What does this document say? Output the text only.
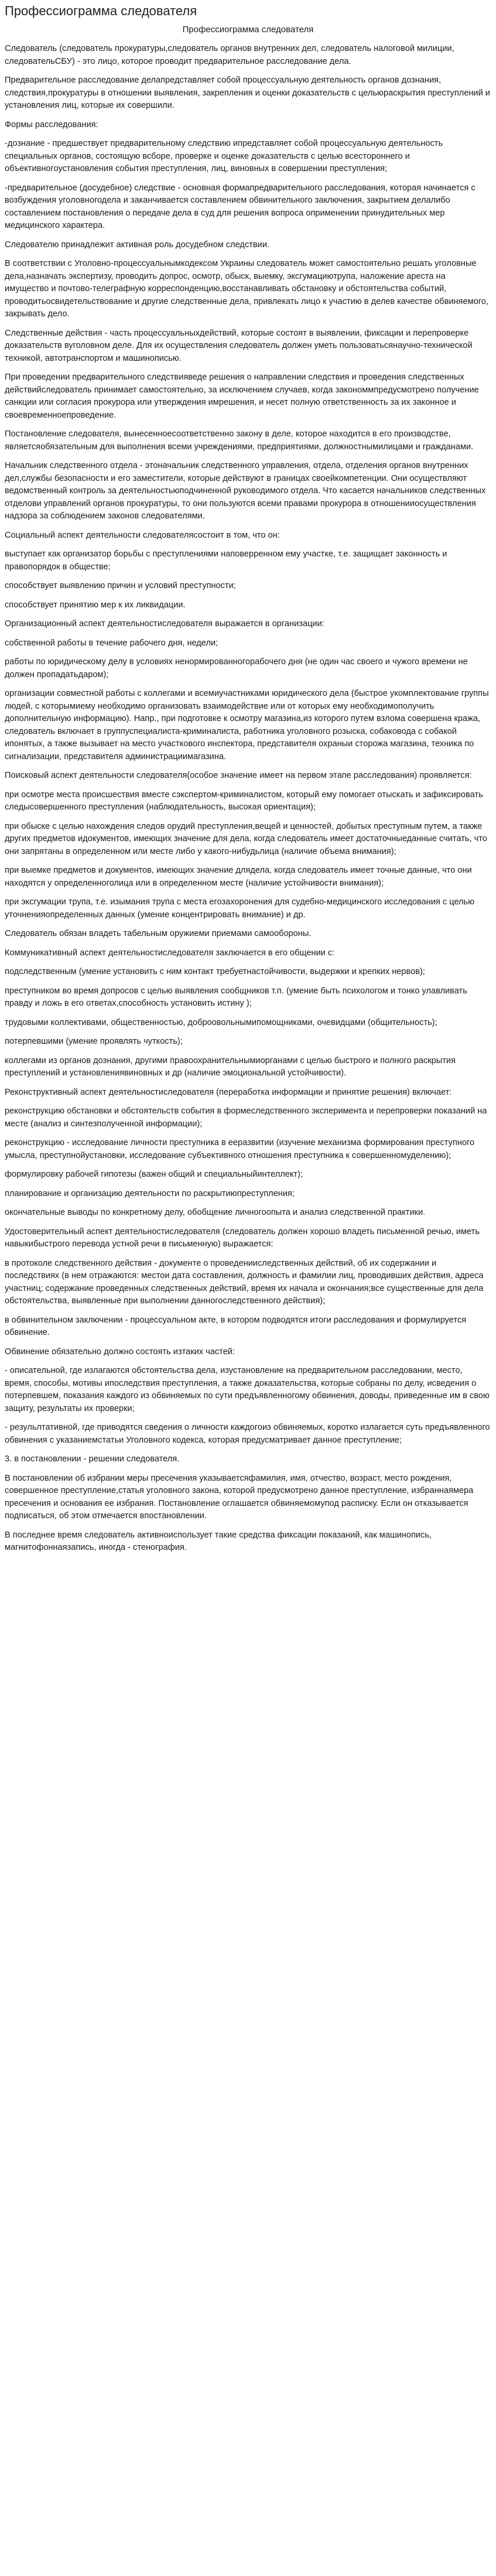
Профессиограмма следователя

Профессиограмма следователя

Следователь (следователь прокуратуры,следователь органов внутренних дел, следователь налоговой милиции, следовательСБУ) - это лицо, которое проводит предварительное расследование дела.

Предварительное расследование делапредставляет собой процессуальную деятельность органов дознания, следствия,прокуратуры в отношении выявления, закрепления и оценки доказательств с цельюраскрытия преступлений и установления лиц, которые их совершили.

Формы расследования:

-дознание - предшествует предварительному следствию ипредставляет собой процессуальную деятельность специальных органов, состоящую всборе, проверке и оценке доказательств с целью всестороннего и объективногоустановления события преступления, лиц, виновных в совершении преступления;

-предварительное (досудебное) следствие - основная формапредварительного расследования, которая начинается с возбуждения уголовногодела и заканчивается составлением обвинительного заключения, закрытием делалибо составлением постановления о передаче дела в суд для решения вопроса оприменении принудительных мер медицинского характера.

Следователю принадлежит активная роль досудебном следствии.

В соответствии с Уголовно-процессуальнымкодексом Украины следователь может самостоятельно решать уголовные дела,назначать экспертизу, проводить допрос, осмотр, обыск, выемку, эксгумациютрупа, наложение ареста на имущество и почтово-телеграфную корреспонденцию,восстанавливать обстановку и обстоятельства событий, проводитьосвидетельствование и другие следственные дела, привлекать лицо к участию в делев качестве обвиняемого, закрывать дело.

Следственные действия - часть процессуальныхдействий, которые состоят в выявлении, фиксации и перепроверке доказательств вуголовном деле. Для их осуществления следователь должен уметь пользоватьсянаучно-технической техникой, автотранспортом и машинописью.

При проведении предварительного следствияведе решения о направлении следствия и проведения следственных действийследователь принимает самостоятельно, за исключением случаев, когда закономмпредусмотрено получение санкции или согласия прокурора или утверждения имрешения, и несет полную ответственность за их законное и своевременноепроведение.

Постановление следователя, вынесенноесоответственно закону в деле, которое находится в его производстве, являетсяобязательным для выполнения всеми учреждениями, предприятиями, должностнымилицами и гражданами.

Начальник следственного отдела - этоначальник следственного управления, отдела, отделения органов внутренних дел,службы безопасности и его заместители, которые действуют в границах своейкомпетенции. Они осуществляют ведомственный контроль за деятельностьюподчиненной руководимого отдела. Что касается начальников следственных отделови управлений органов прокуратуры, то они пользуются всеми правами прокурора в отношенииосуществления надзора за соблюдением законов следователями.

Социальный аспект деятельности следователясостоит в том, что он:

выступает как организатор борьбы с преступлениями наповерренном ему участке, т.е. защищает законность и правопорядок в обществе;

способствует выявлению причин и условий преступности;

способствует принятию мер к их ликвидации.

Организационный аспект деятельностиследователя выражается в организации:

собственной работы в течение рабочего дня, недели;

работы по юридическому делу в условиях ненормированногорабочего дня (не один час своего и чужого времени не должен пропадатьдаром);

организации совместной работы с коллегами и всемиучастниками юридического дела (быстрое укомплектование группы людей, с которымиему необходимо организовать взаимодействие или от которых ему необходимополучить дополнительную информацию). Напр., при подготовке к осмотру магазина,из которого путем взлома совершена кража, следователь включает в группуспециалиста-криминалиста, работника уголовного розыска, собаковода с собакой ипонятых, а также вызывает на место участкового инспектора, представителя охраныи сторожа магазина, техника по сигнализации, представителя администрациимагазина.

Поисковый аспект деятельности следователя(особое значение имеет на первом этапе расследования) проявляется:

при осмотре места происшествия вместе сэкспертом-криминалистом, который ему помогает отыскать и зафиксировать следысовершенного преступления (наблюдательность, высокая ориентация);

при обыске с целью нахождения следов орудий преступления,вещей и ценностей, добытых преступным путем, а также других предметов идокументов, имеющих значение для дела, когда следователь имеет достаточныеданные считать, что они запрятаны в определенном или месте либо у какого-нибудьлица (наличие объема внимания);

при выемке предметов и документов, имеющих значение длядела, когда следователь имеет точные данные, что они находятся у определенноголица или в определенном месте (наличие устойчивости внимания);

при эксгумации трупа, т.е. изымания трупа с места егозахоронения для судебно-медицинского исследования с целью уточненияопределенных данных (умение концентрировать внимание) и др.

Следователь обязан владеть табельным оружиеми приемами самообороны.

Коммуникативный аспект деятельностиследователя заключается в его общении с:

подследственным (умение установить с ним контакт требуетнастойчивости, выдержки и крепких нервов);

преступником во время допросов с целью выявления сообщников т.п. (умение быть психологом и тонко улавливать правду и ложь в его ответах,способность установить истину );

трудовыми коллективами, общественностью, доброовольнымипомощниками, очевидцами (общительность);

потерпевшими (умение проявлять чуткость);

коллегами из органов дознания, другими правоохранительнымиорганами с целью быстрого и полного раскрытия преступлений и установлениявиновных и др (наличие эмоциональной устойчивости).

Реконструктивный аспект деятельностиследователя (переработка информации и принятие решения) включает:

реконструкцию обстановки и обстоятельств события в формеследственного эксперимента и перепроверки показаний на месте (анализ и синтезполученной информации);

реконструкцию - исследование личности преступника в ееразвитии (изучение механизма формирования преступного умысла, преступнойустановки, исследование субъективного отношения преступника к совершенномуделению);

формулировку рабочей гипотезы (важен общий и специальныйинтеллект);

планирование и организацию деятельности по раскрытиюпреступления;

окончательные выводы по конкретному делу, обобщение личногоопыта и анализ следственной практики.

Удостоверительный аспект деятельностиследователя (следователь должен хорошо владеть письменной речью, иметь навыкибыстрого перевода устной речи в письменную) выражается:

в протоколе следственного действия - документе о проведенииследственных действий, об их содержании и последствиях (в нем отражаются: местои дата составления, должность и фамилии лиц, проводивших действия, адреса участниц; содержание проведенных следственных действий, время их начала и окончания;все существенные для дела обстоятельства, выявленные при выполнении данногоследственного действия);

в обвинительном заключении - процессуальном акте, в котором подводятся итоги расследования и формулируется обвинение.

Обвинение обязательно должно состоять изтаких частей:

- описательной, где излагаются обстоятельства дела, изустановление на предварительном расследовании, место, время, способы, мотивы ипоследствия преступления, а также доказательства, которые собраны по делу, исведения о потерпевшем, показания каждого из обвиняемых по сути предъявленногому обвинения, доводы, приведенные им в свою защиту, результаты их проверки;

- резульлтативной, где приводятся сведения о личности каждогоиз обвиняемых, коротко излагается суть предъявленного обвинения с указаниемстатьи Уголовного кодекса, которая предусматривает данное преступление;

3. в постановлении - решении следователя.

В постановлении об избрании меры пресечения указываетсяфамилия, имя, отчество, возраст, место рождения, совершенное преступление,статья уголовного закона, которой предусмотрено данное преступление, избраннаямера пресечения и основания ее избрания. Постановление оглашается обвиняемомупод расписку. Если он отказывается подписаться, об этом отмечается впостановлении.

В последнее время следователь активноиспользует такие средства фиксации показаний, как машинопись, магнитофоннаязапись, иногда - стенография.
